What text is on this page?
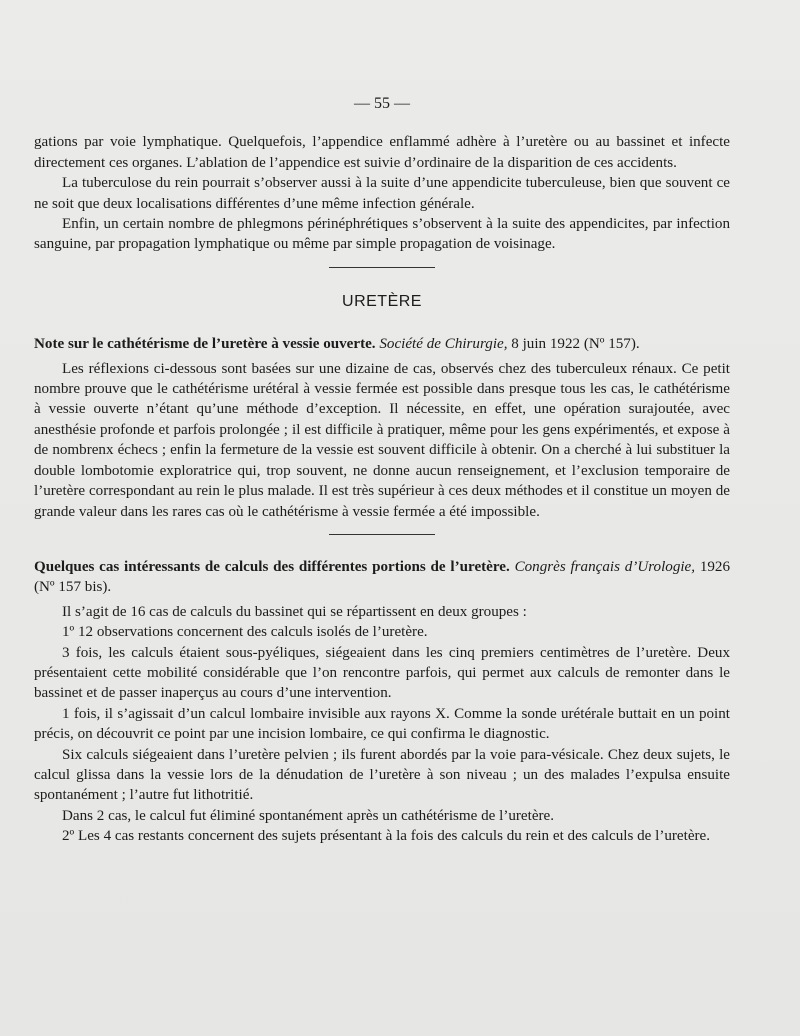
— 55 —

gations par voie lymphatique. Quelquefois, l’appendice enflammé adhère à l’uretère ou au bassinet et infecte directement ces organes. L’ablation de l’appendice est suivie d’ordinaire de la disparition de ces accidents.

La tuberculose du rein pourrait s’observer aussi à la suite d’une appendicite tuberculeuse, bien que souvent ce ne soit que deux localisations différentes d’une même infection générale.

Enfin, un certain nombre de phlegmons périnéphrétiques s’observent à la suite des appendicites, par infection sanguine, par propagation lymphatique ou même par simple propagation de voisinage.

URETÈRE

Note sur le cathétérisme de l’uretère à vessie ouverte. Société de Chirurgie, 8 juin 1922 (Nº 157).

Les réflexions ci-dessous sont basées sur une dizaine de cas, observés chez des tuberculeux rénaux. Ce petit nombre prouve que le cathétérisme urétéral à vessie fermée est possible dans presque tous les cas, le cathétérisme à vessie ouverte n’étant qu’une méthode d’exception. Il nécessite, en effet, une opération surajoutée, avec anesthésie profonde et parfois prolongée ; il est difficile à pratiquer, même pour les gens expérimentés, et expose à de nombrenx échecs ; enfin la fermeture de la vessie est souvent difficile à obtenir. On a cherché à lui substituer la double lombotomie exploratrice qui, trop souvent, ne donne aucun renseignement, et l’exclusion temporaire de l’uretère correspondant au rein le plus malade. Il est très supérieur à ces deux méthodes et il constitue un moyen de grande valeur dans les rares cas où le cathétérisme à vessie fermée a été impossible.

Quelques cas intéressants de calculs des différentes portions de l’uretère. Congrès français d’Urologie, 1926 (Nº 157 bis).

Il s’agit de 16 cas de calculs du bassinet qui se répartissent en deux groupes :

1º 12 observations concernent des calculs isolés de l’uretère.

3 fois, les calculs étaient sous-pyéliques, siégeaient dans les cinq premiers centimètres de l’uretère. Deux présentaient cette mobilité considérable que l’on rencontre parfois, qui permet aux calculs de remonter dans le bassinet et de passer inaperçus au cours d’une intervention.

1 fois, il s’agissait d’un calcul lombaire invisible aux rayons X. Comme la sonde urétérale buttait en un point précis, on découvrit ce point par une incision lombaire, ce qui confirma le diagnostic.

Six calculs siégeaient dans l’uretère pelvien ; ils furent abordés par la voie para-vésicale. Chez deux sujets, le calcul glissa dans la vessie lors de la dénudation de l’uretère à son niveau ; un des malades l’expulsa ensuite spontanément ; l’autre fut lithotritié.

Dans 2 cas, le calcul fut éliminé spontanément après un cathétérisme de l’uretère.

2º Les 4 cas restants concernent des sujets présentant à la fois des calculs du rein et des calculs de l’uretère.
